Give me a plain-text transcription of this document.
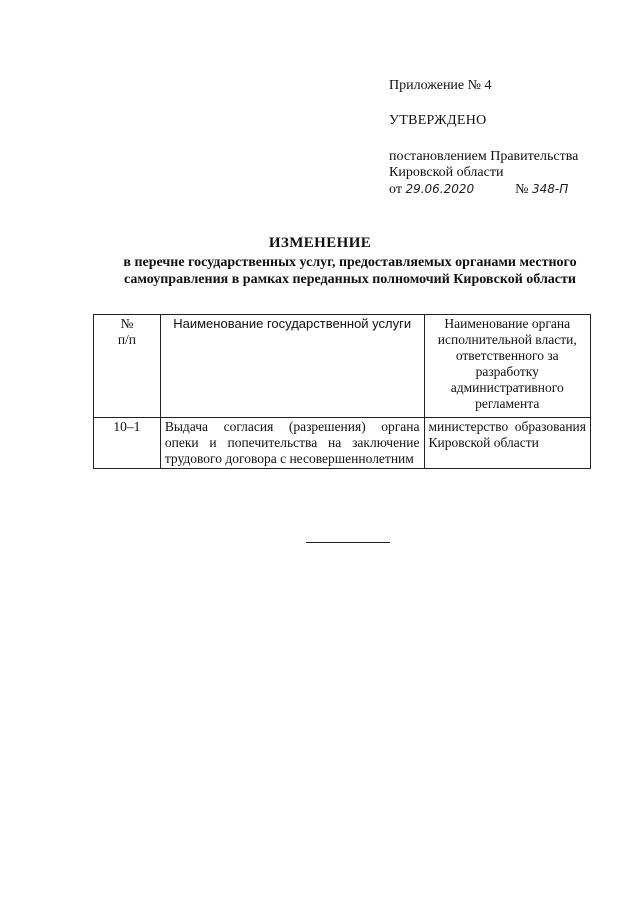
Приложение № 4
УТВЕРЖДЕНО
постановлением Правительства
Кировской области
от 29.06.2020	№ 348-П
ИЗМЕНЕНИЕ
в перечне государственных услуг, предоставляемых органами местного
самоуправления в рамках переданных полномочий Кировской области
№
п/п	Наименование государственной услуги	Наименование органа исполнительной власти, ответственного за разработку административного регламента
10–1	Выдача согласия (разрешения) органа опеки и попечительства на заключение трудового договора с несовершеннолетним	министерство образования Кировской области
